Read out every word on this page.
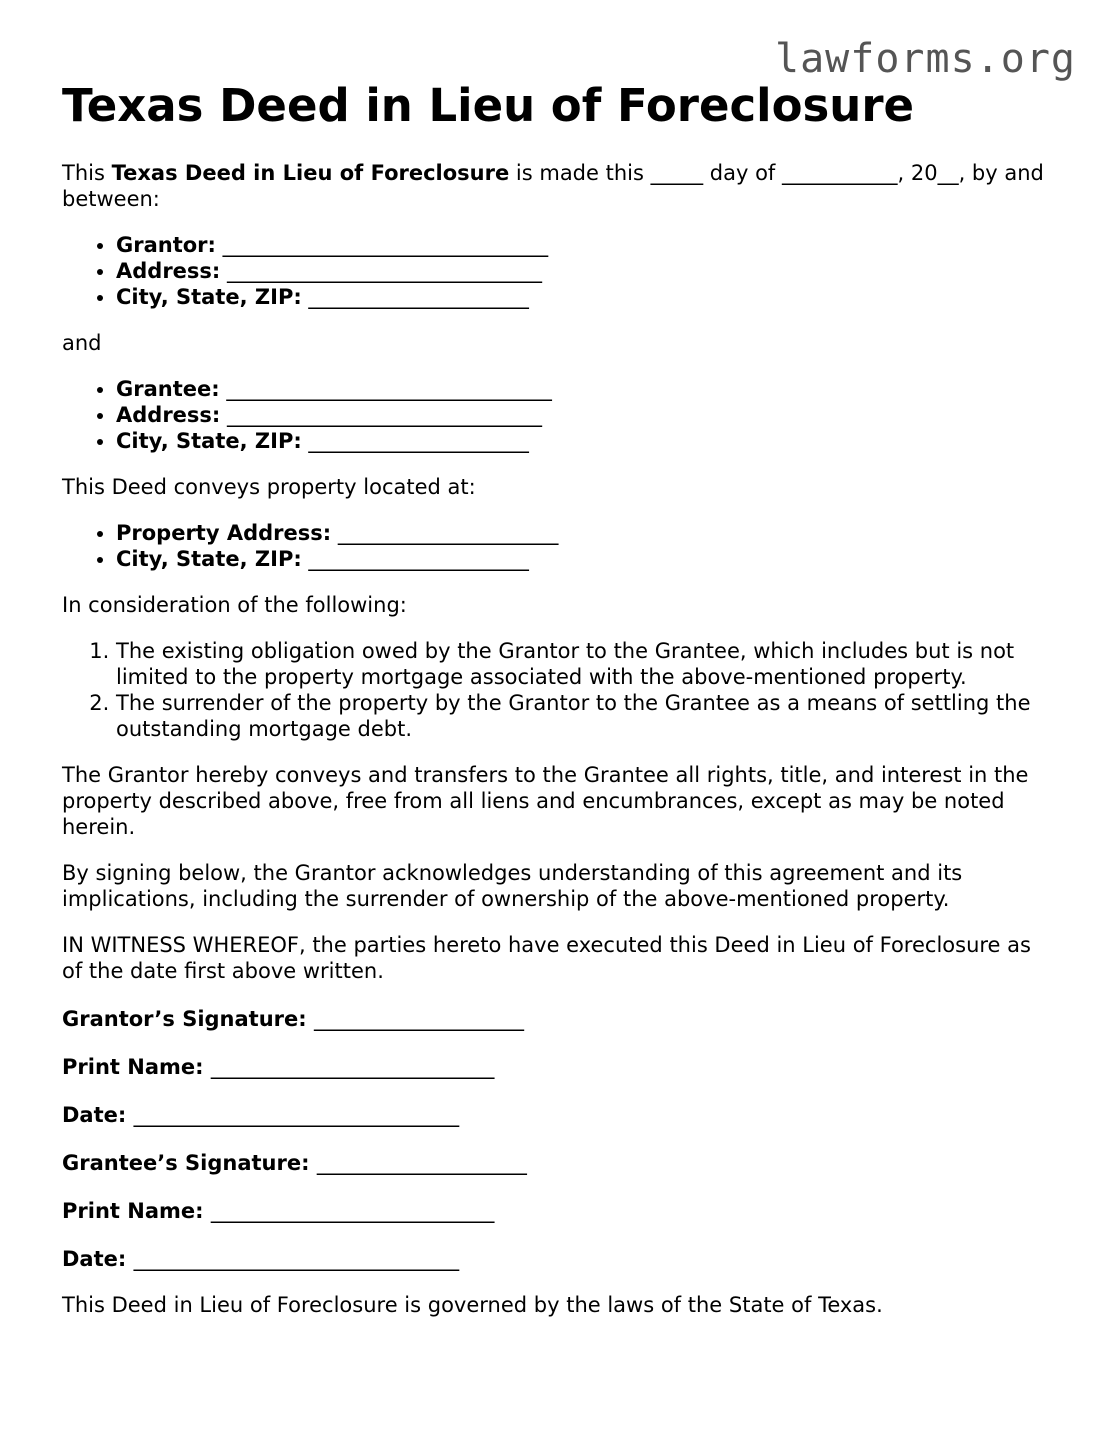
lawforms.org
Texas Deed in Lieu of Foreclosure

This Texas Deed in Lieu of Foreclosure is made this _____ day of ___________, 20__, by and between:

• Grantor: _______________________________
• Address: ______________________________
• City, State, ZIP: _____________________

and

• Grantee: _______________________________
• Address: ______________________________
• City, State, ZIP: _____________________

This Deed conveys property located at:

• Property Address: _____________________
• City, State, ZIP: _____________________

In consideration of the following:

1. The existing obligation owed by the Grantor to the Grantee, which includes but is not limited to the property mortgage associated with the above-mentioned property.
2. The surrender of the property by the Grantor to the Grantee as a means of settling the outstanding mortgage debt.

The Grantor hereby conveys and transfers to the Grantee all rights, title, and interest in the property described above, free from all liens and encumbrances, except as may be noted herein.

By signing below, the Grantor acknowledges understanding of this agreement and its implications, including the surrender of ownership of the above-mentioned property.

IN WITNESS WHEREOF, the parties hereto have executed this Deed in Lieu of Foreclosure as of the date first above written.

Grantor’s Signature: ____________________

Print Name: ___________________________

Date: _______________________________

Grantee’s Signature: ____________________

Print Name: ___________________________

Date: _______________________________

This Deed in Lieu of Foreclosure is governed by the laws of the State of Texas.
